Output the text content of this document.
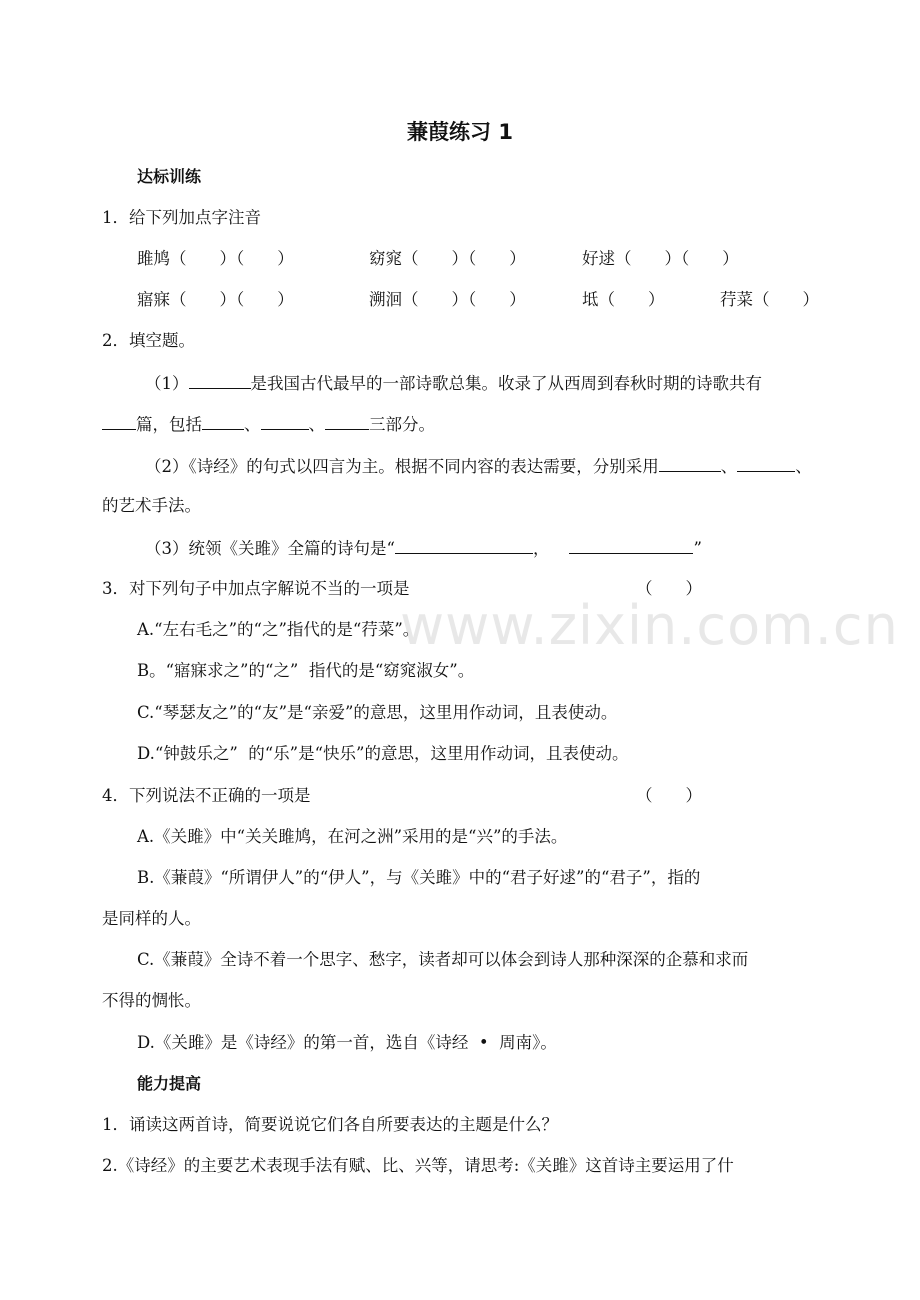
www.zixin.com.cn
蒹葭练习 1
达标训练
1．给下列加点字注音
雎鸠（　　）（　　）	窈窕（　　）（　　）	好逑（　　）（　　）
寤寐（　　）（　　）	溯洄（　　）（　　）	坻（　　）	荇菜（　　）
2．填空题。
（1）	是我国古代最早的一部诗歌总集。收录了从西周到春秋时期的诗歌共有
篇，包括	、	、	三部分。
（2）《诗经》的句式以四言为主。根据不同内容的表达需要，分别采用	、	、
的艺术手法。
（3）统领《关雎》全篇的诗句是“	，	”
3．对下列句子中加点字解说不当的一项是	（　　）
A.“左右毛之”的“之”指代的是“荇菜”。
B。“寤寐求之”的“之”  指代的是“窈窕淑女”。
C.“琴瑟友之”的“友”是“亲爱”的意思，这里用作动词，且表使动。
D.“钟鼓乐之”  的“乐”是“快乐”的意思，这里用作动词，且表使动。
4．下列说法不正确的一项是	（　　）
A.《关雎》中“关关雎鸠，在河之洲”采用的是“兴”的手法。
B.《蒹葭》“所谓伊人”的“伊人”，与《关雎》中的“君子好逑”的“君子”，指的
是同样的人。
C.《蒹葭》全诗不着一个思字、愁字，读者却可以体会到诗人那种深深的企慕和求而
不得的惆怅。
D.《关雎》是《诗经》的第一首，选自《诗经  •  周南》。
能力提高
1．诵读这两首诗，简要说说它们各自所要表达的主题是什么？
2.《诗经》的主要艺术表现手法有赋、比、兴等，请思考:《关雎》这首诗主要运用了什
